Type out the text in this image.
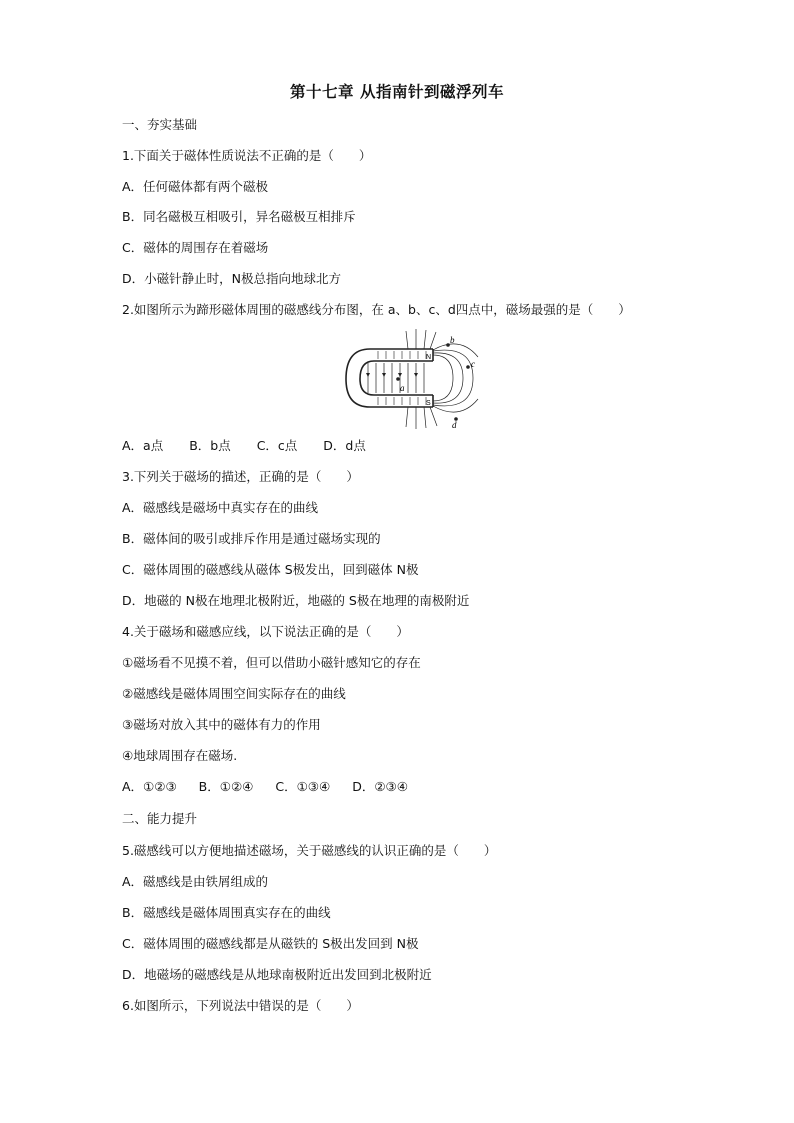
第十七章 从指南针到磁浮列车
一、夯实基础
1.下面关于磁体性质说法不正确的是（　　）
A．任何磁体都有两个磁极
B．同名磁极互相吸引，异名磁极互相排斥
C．磁体的周围存在着磁场
D．小磁针静止时，N极总指向地球北方
2.如图所示为蹄形磁体周围的磁感线分布图，在 a、b、c、d四点中，磁场最强的是（　　）
a
b
c
d
N
S
A．a点 B．b点 C．c点 D．d点
3.下列关于磁场的描述，正确的是（　　）
A．磁感线是磁场中真实存在的曲线
B．磁体间的吸引或排斥作用是通过磁场实现的
C．磁体周围的磁感线从磁体 S极发出，回到磁体 N极
D．地磁的 N极在地理北极附近，地磁的 S极在地理的南极附近
4.关于磁场和磁感应线，以下说法正确的是（　　）
①磁场看不见摸不着，但可以借助小磁针感知它的存在
②磁感线是磁体周围空间实际存在的曲线
③磁场对放入其中的磁体有力的作用
④地球周围存在磁场.
A．①②③ B．①②④ C．①③④ D．②③④
二、能力提升
5.磁感线可以方便地描述磁场，关于磁感线的认识正确的是（　　）
A．磁感线是由铁屑组成的
B．磁感线是磁体周围真实存在的曲线
C．磁体周围的磁感线都是从磁铁的 S极出发回到 N极
D．地磁场的磁感线是从地球南极附近出发回到北极附近
6.如图所示，下列说法中错误的是（　　）
